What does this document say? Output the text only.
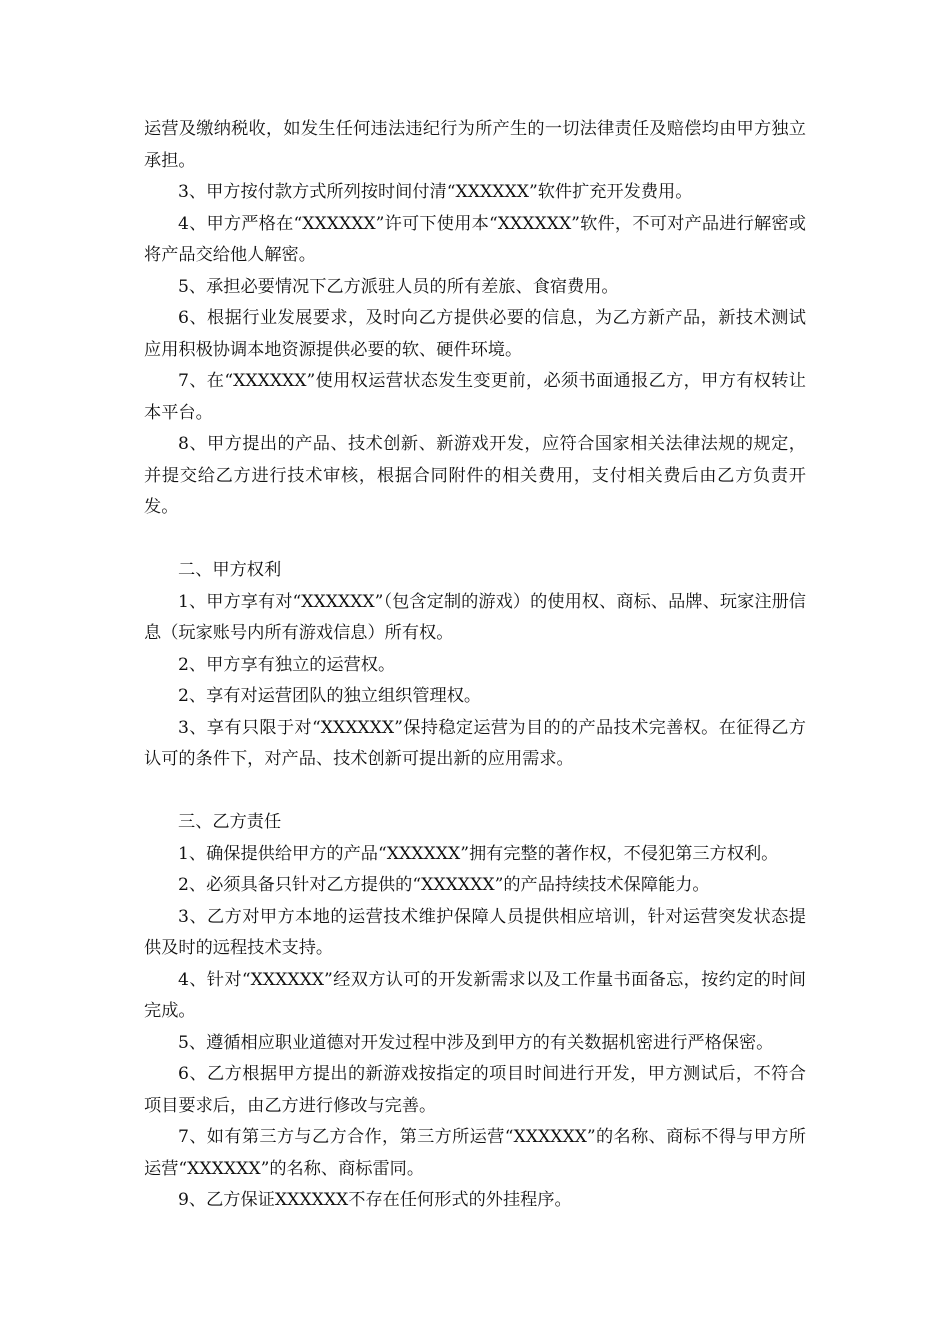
运营及缴纳税收，如发生任何违法违纪行为所产生的一切法律责任及赔偿均由甲方独立承担。

3、甲方按付款方式所列按时间付清“XXXXXX”软件扩充开发费用。

4、甲方严格在“XXXXXX”许可下使用本“XXXXXX”软件，不可对产品进行解密或将产品交给他人解密。

5、承担必要情况下乙方派驻人员的所有差旅、食宿费用。

6、根据行业发展要求，及时向乙方提供必要的信息，为乙方新产品，新技术测试应用积极协调本地资源提供必要的软、硬件环境。

7、在“XXXXXX”使用权运营状态发生变更前，必须书面通报乙方，甲方有权转让本平台。

8、甲方提出的产品、技术创新、新游戏开发，应符合国家相关法律法规的规定，并提交给乙方进行技术审核，根据合同附件的相关费用，支付相关费后由乙方负责开发。

二、甲方权利

1、甲方享有对“XXXXXX”（包含定制的游戏）的使用权、商标、品牌、玩家注册信息（玩家账号内所有游戏信息）所有权。

2、甲方享有独立的运营权。

2、享有对运营团队的独立组织管理权。

3、享有只限于对“XXXXXX”保持稳定运营为目的的产品技术完善权。在征得乙方认可的条件下，对产品、技术创新可提出新的应用需求。

三、乙方责任

1、确保提供给甲方的产品“XXXXXX”拥有完整的著作权，不侵犯第三方权利。

2、必须具备只针对乙方提供的“XXXXXX”的产品持续技术保障能力。

3、乙方对甲方本地的运营技术维护保障人员提供相应培训，针对运营突发状态提供及时的远程技术支持。

4、针对“XXXXXX”经双方认可的开发新需求以及工作量书面备忘，按约定的时间完成。

5、遵循相应职业道德对开发过程中涉及到甲方的有关数据机密进行严格保密。

6、乙方根据甲方提出的新游戏按指定的项目时间进行开发，甲方测试后，不符合项目要求后，由乙方进行修改与完善。

7、如有第三方与乙方合作，第三方所运营“XXXXXX”的名称、商标不得与甲方所运营“XXXXXX”的名称、商标雷同。

9、乙方保证XXXXXX不存在任何形式的外挂程序。
